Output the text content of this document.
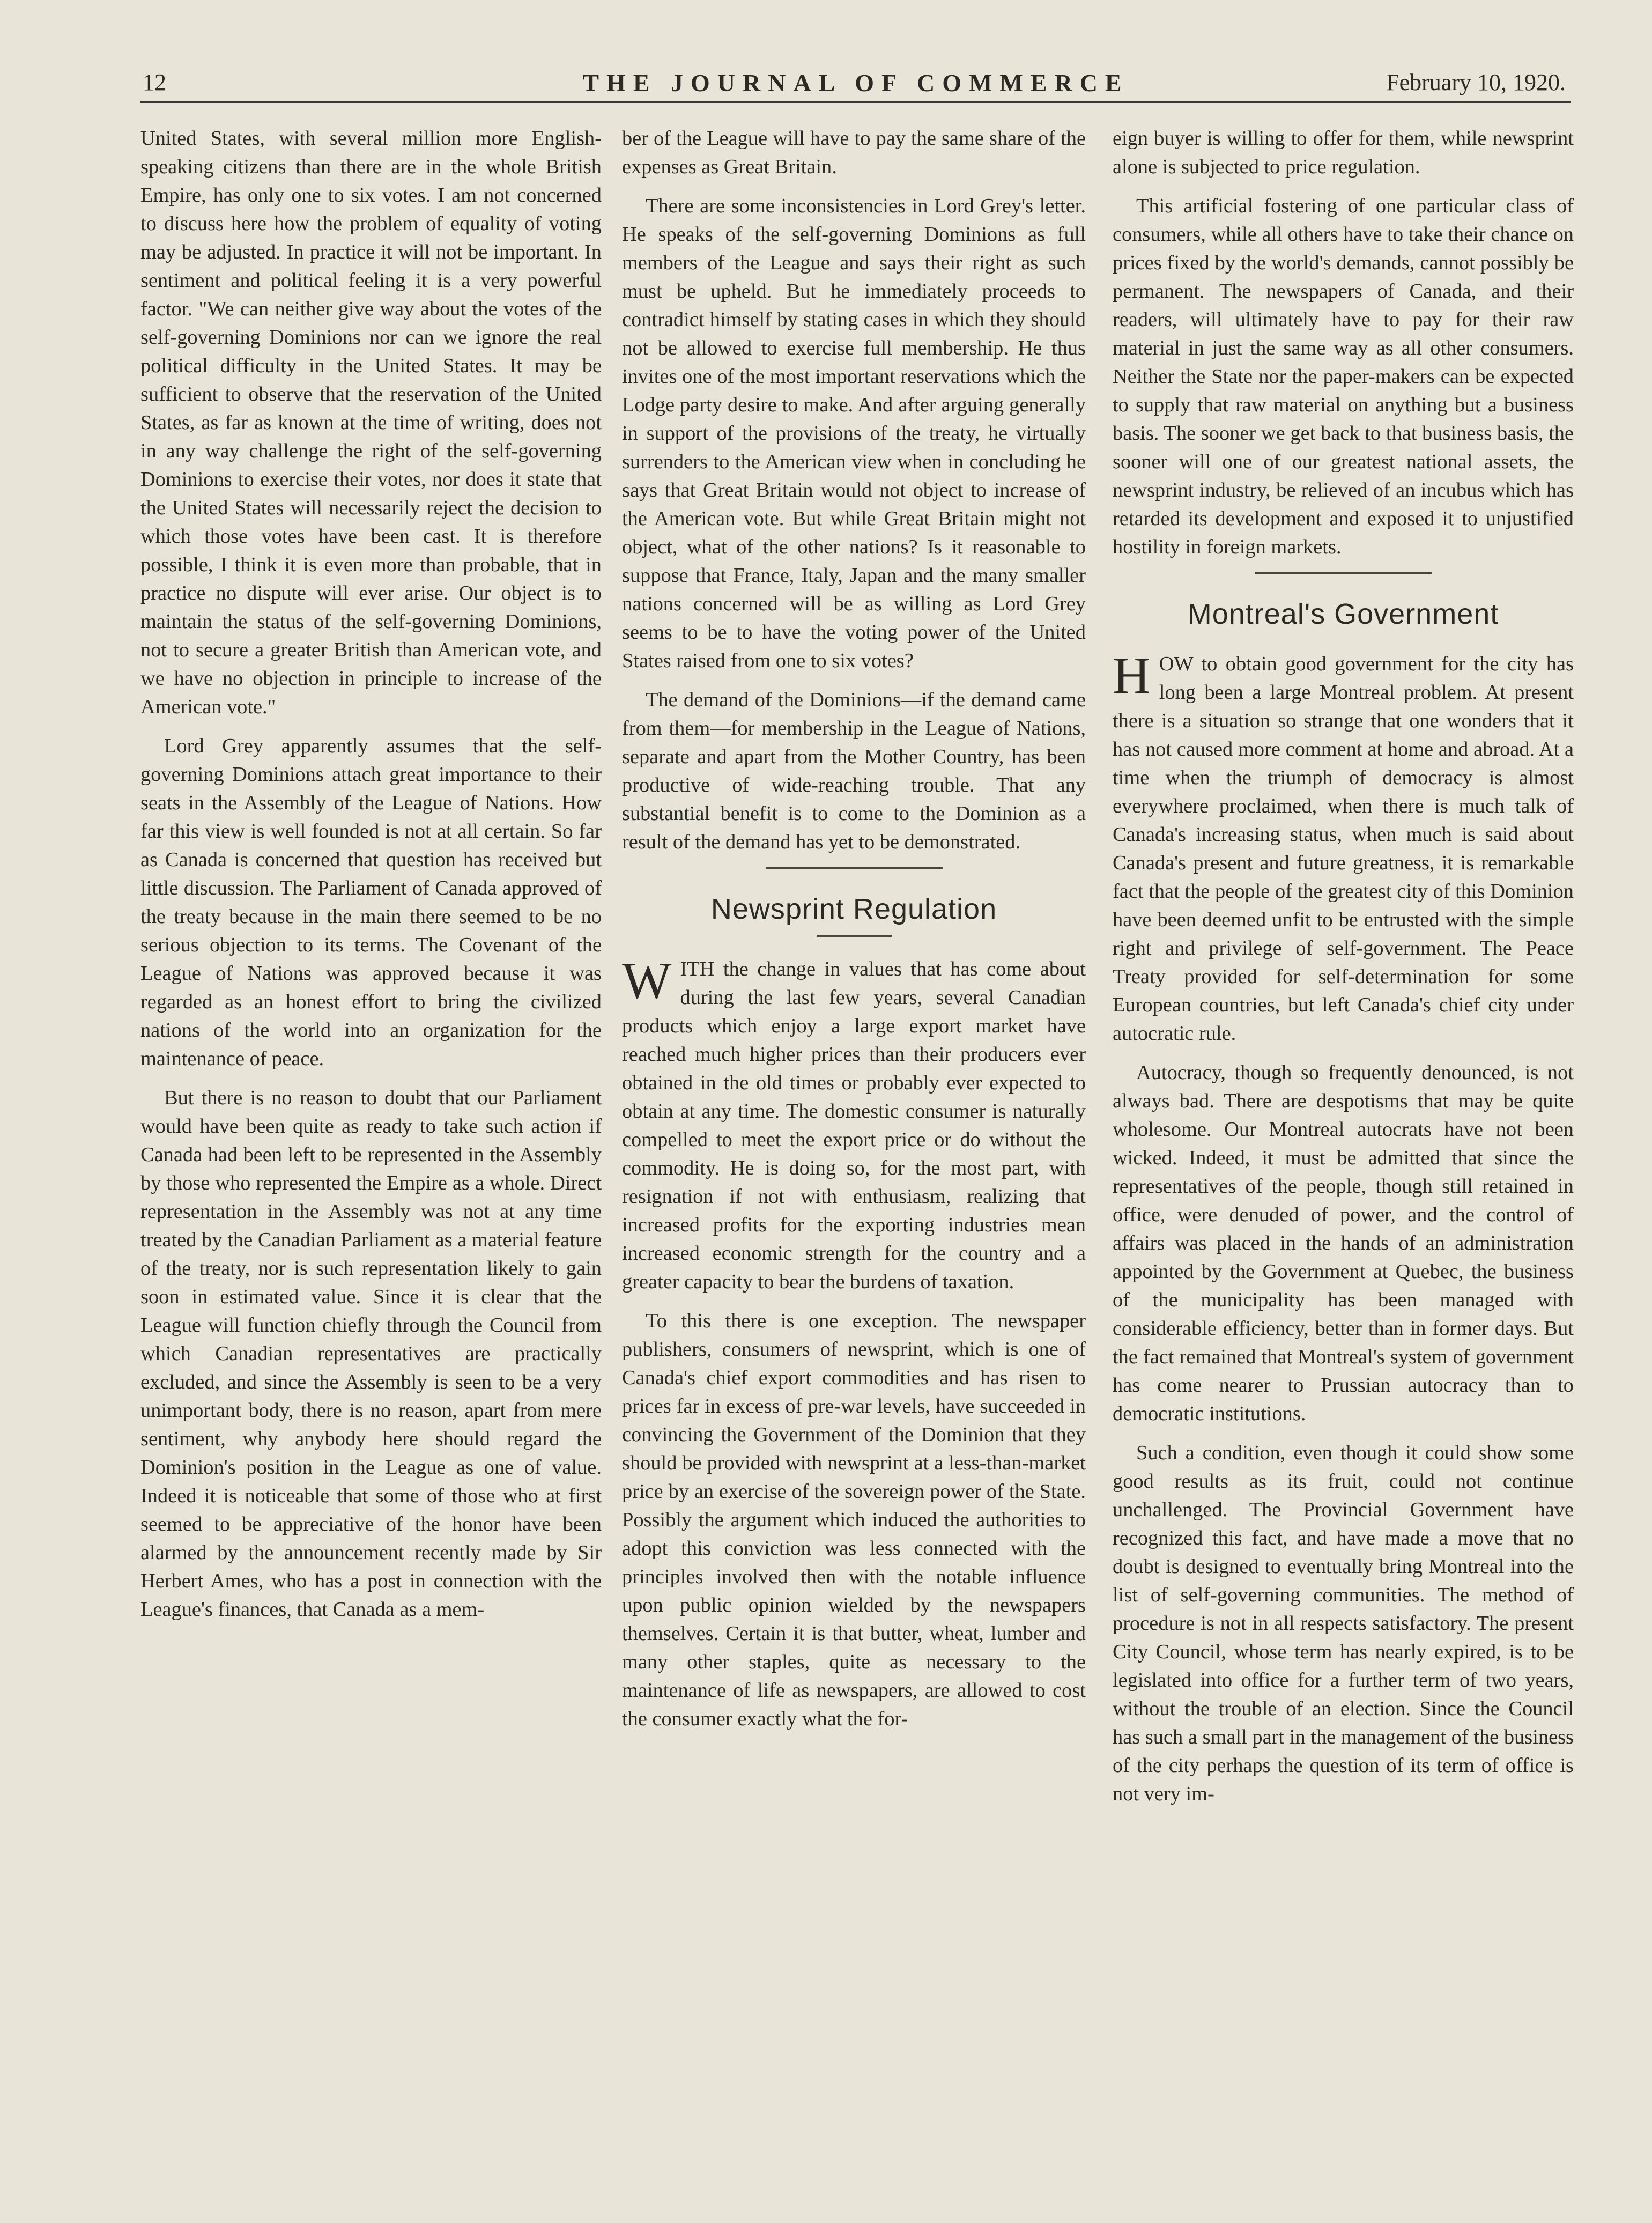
12	THE JOURNAL OF COMMERCE	February 10, 1920.

United States, with several million more English-speaking citizens than there are in the whole British Empire, has only one to six votes. I am not concerned to discuss here how the problem of equality of voting may be adjusted. In practice it will not be important. In sentiment and political feeling it is a very powerful factor. "We can neither give way about the votes of the self-governing Dominions nor can we ignore the real political difficulty in the United States. It may be sufficient to observe that the reservation of the United States, as far as known at the time of writing, does not in any way challenge the right of the self-governing Dominions to exercise their votes, nor does it state that the United States will necessarily reject the decision to which those votes have been cast. It is therefore possible, I think it is even more than probable, that in practice no dispute will ever arise. Our object is to maintain the status of the self-governing Dominions, not to secure a greater British than American vote, and we have no objection in principle to increase of the American vote."

Lord Grey apparently assumes that the self-governing Dominions attach great importance to their seats in the Assembly of the League of Nations. How far this view is well founded is not at all certain. So far as Canada is concerned that question has received but little discussion. The Parliament of Canada approved of the treaty because in the main there seemed to be no serious objection to its terms. The Covenant of the League of Nations was approved because it was regarded as an honest effort to bring the civilized nations of the world into an organization for the maintenance of peace.

But there is no reason to doubt that our Parliament would have been quite as ready to take such action if Canada had been left to be represented in the Assembly by those who represented the Empire as a whole. Direct representation in the Assembly was not at any time treated by the Canadian Parliament as a material feature of the treaty, nor is such representation likely to gain soon in estimated value. Since it is clear that the League will function chiefly through the Council from which Canadian representatives are practically excluded, and since the Assembly is seen to be a very unimportant body, there is no reason, apart from mere sentiment, why anybody here should regard the Dominion's position in the League as one of value. Indeed it is noticeable that some of those who at first seemed to be appreciative of the honor have been alarmed by the announcement recently made by Sir Herbert Ames, who has a post in connection with the League's finances, that Canada as a mem-

ber of the League will have to pay the same share of the expenses as Great Britain.

There are some inconsistencies in Lord Grey's letter. He speaks of the self-governing Dominions as full members of the League and says their right as such must be upheld. But he immediately proceeds to contradict himself by stating cases in which they should not be allowed to exercise full membership. He thus invites one of the most important reservations which the Lodge party desire to make. And after arguing generally in support of the provisions of the treaty, he virtually surrenders to the American view when in concluding he says that Great Britain would not object to increase of the American vote. But while Great Britain might not object, what of the other nations? Is it reasonable to suppose that France, Italy, Japan and the many smaller nations concerned will be as willing as Lord Grey seems to be to have the voting power of the United States raised from one to six votes?

The demand of the Dominions—if the demand came from them—for membership in the League of Nations, separate and apart from the Mother Country, has been productive of wide-reaching trouble. That any substantial benefit is to come to the Dominion as a result of the demand has yet to be demonstrated.

Newsprint Regulation

WITH the change in values that has come about during the last few years, several Canadian products which enjoy a large export market have reached much higher prices than their producers ever obtained in the old times or probably ever expected to obtain at any time. The domestic consumer is naturally compelled to meet the export price or do without the commodity. He is doing so, for the most part, with resignation if not with enthusiasm, realizing that increased profits for the exporting industries mean increased economic strength for the country and a greater capacity to bear the burdens of taxation.

To this there is one exception. The newspaper publishers, consumers of newsprint, which is one of Canada's chief export commodities and has risen to prices far in excess of pre-war levels, have succeeded in convincing the Government of the Dominion that they should be provided with newsprint at a less-than-market price by an exercise of the sovereign power of the State. Possibly the argument which induced the authorities to adopt this conviction was less connected with the principles involved then with the notable influence upon public opinion wielded by the newspapers themselves. Certain it is that butter, wheat, lumber and many other staples, quite as necessary to the maintenance of life as newspapers, are allowed to cost the consumer exactly what the for-

eign buyer is willing to offer for them, while newsprint alone is subjected to price regulation.

This artificial fostering of one particular class of consumers, while all others have to take their chance on prices fixed by the world's demands, cannot possibly be permanent. The newspapers of Canada, and their readers, will ultimately have to pay for their raw material in just the same way as all other consumers. Neither the State nor the paper-makers can be expected to supply that raw material on anything but a business basis. The sooner we get back to that business basis, the sooner will one of our greatest national assets, the newsprint industry, be relieved of an incubus which has retarded its development and exposed it to unjustified hostility in foreign markets.

Montreal's Government

HOW to obtain good government for the city has long been a large Montreal problem. At present there is a situation so strange that one wonders that it has not caused more comment at home and abroad. At a time when the triumph of democracy is almost everywhere proclaimed, when there is much talk of Canada's increasing status, when much is said about Canada's present and future greatness, it is remarkable fact that the people of the greatest city of this Dominion have been deemed unfit to be entrusted with the simple right and privilege of self-government. The Peace Treaty provided for self-determination for some European countries, but left Canada's chief city under autocratic rule.

Autocracy, though so frequently denounced, is not always bad. There are despotisms that may be quite wholesome. Our Montreal autocrats have not been wicked. Indeed, it must be admitted that since the representatives of the people, though still retained in office, were denuded of power, and the control of affairs was placed in the hands of an administration appointed by the Government at Quebec, the business of the municipality has been managed with considerable efficiency, better than in former days. But the fact remained that Montreal's system of government has come nearer to Prussian autocracy than to democratic institutions.

Such a condition, even though it could show some good results as its fruit, could not continue unchallenged. The Provincial Government have recognized this fact, and have made a move that no doubt is designed to eventually bring Montreal into the list of self-governing communities. The method of procedure is not in all respects satisfactory. The present City Council, whose term has nearly expired, is to be legislated into office for a further term of two years, without the trouble of an election. Since the Council has such a small part in the management of the business of the city perhaps the question of its term of office is not very im-
